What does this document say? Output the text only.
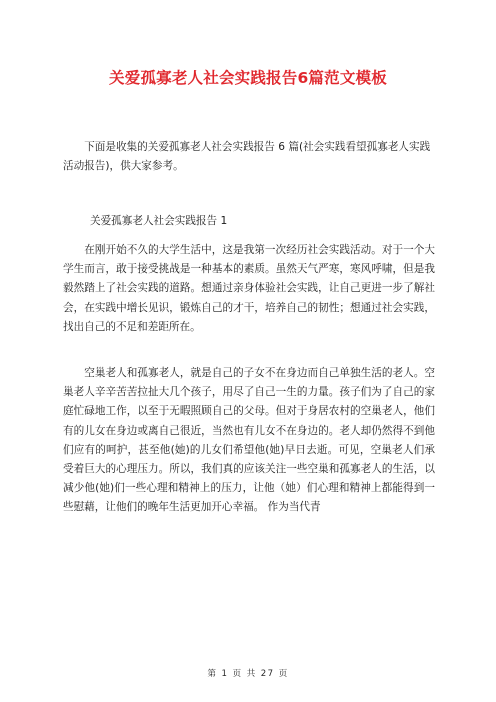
关爱孤寡老人社会实践报告6篇范文模板

下面是收集的关爱孤寡老人社会实践报告 6 篇(社会实践看望孤寡老人实践活动报告)，供大家参考。

关爱孤寡老人社会实践报告 1

在刚开始不久的大学生活中，这是我第一次经历社会实践活动。对于一个大学生而言，敢于接受挑战是一种基本的素质。虽然天气严寒，寒风呼啸，但是我毅然踏上了社会实践的道路。想通过亲身体验社会实践，让自己更进一步了解社会，在实践中增长见识，锻炼自己的才干，培养自己的韧性；想通过社会实践，找出自己的不足和差距所在。

空巢老人和孤寡老人，就是自己的子女不在身边而自己单独生活的老人。空巢老人辛辛苦苦拉扯大几个孩子，用尽了自己一生的力量。孩子们为了自己的家庭忙碌地工作，以至于无暇照顾自己的父母。但对于身居农村的空巢老人，他们有的儿女在身边或离自己很近，当然也有儿女不在身边的。老人却仍然得不到他们应有的呵护，甚至他(她)的儿女们希望他(她)早日去逝。可见，空巢老人们承受着巨大的心理压力。所以，我们真的应该关注一些空巢和孤寡老人的生活，以减少他(她)们一些心理和精神上的压力，让他（她）们心理和精神上都能得到一些慰藉，让他们的晚年生活更加开心幸福。 作为当代青

第 1 页 共 27 页
